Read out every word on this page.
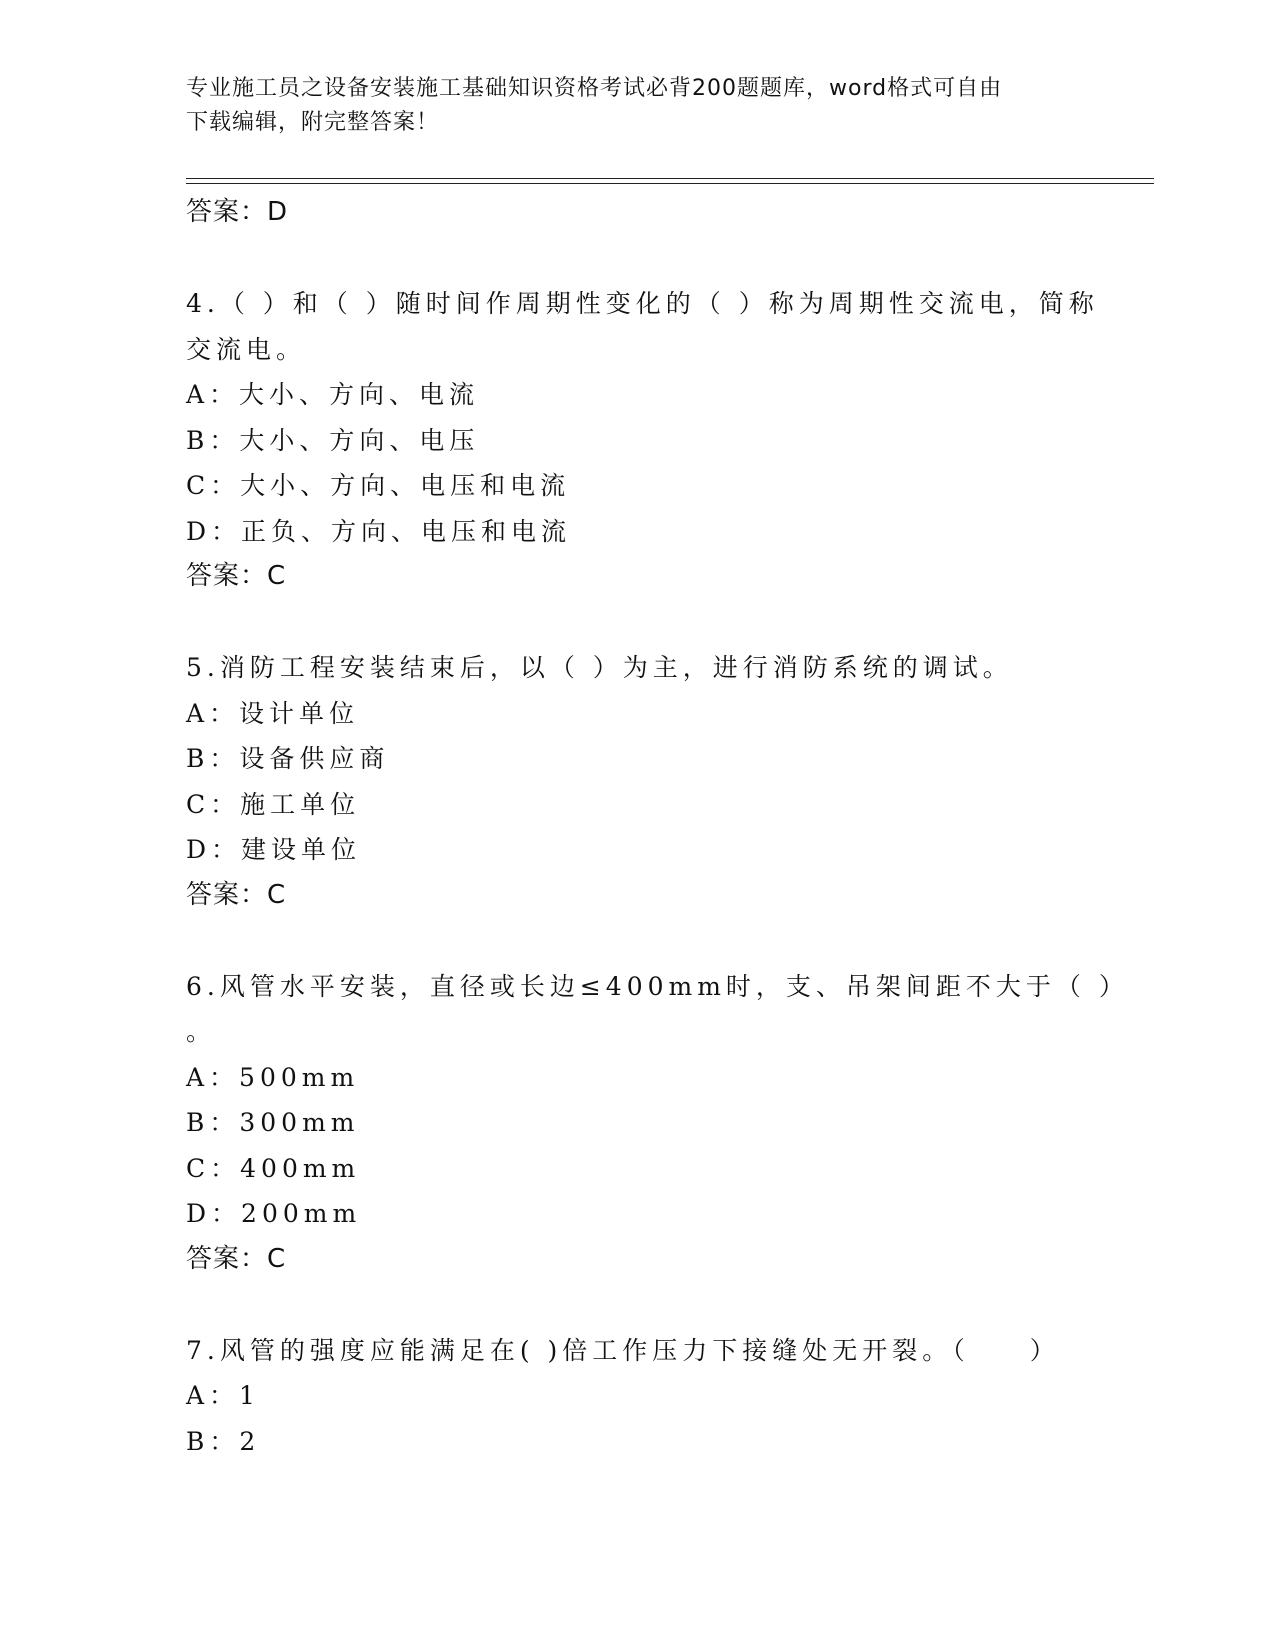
专业施工员之设备安装施工基础知识资格考试必背200题题库，word格式可自由
下载编辑，附完整答案！
答案：D
4.（ ）和（ ）随时间作周期性变化的（ ）称为周期性交流电，简称
交流电。
A：大小、方向、电流
B：大小、方向、电压
C：大小、方向、电压和电流
D：正负、方向、电压和电流
答案：C
5.消防工程安装结束后，以（ ）为主，进行消防系统的调试。
A：设计单位
B：设备供应商
C：施工单位
D：建设单位
答案：C
6.风管水平安装，直径或长边≤400mm时，支、吊架间距不大于（ ）
。
A：500mm
B：300mm
C：400mm
D：200mm
答案：C
7.风管的强度应能满足在( )倍工作压力下接缝处无开裂。（　　）
A：1
B：2
